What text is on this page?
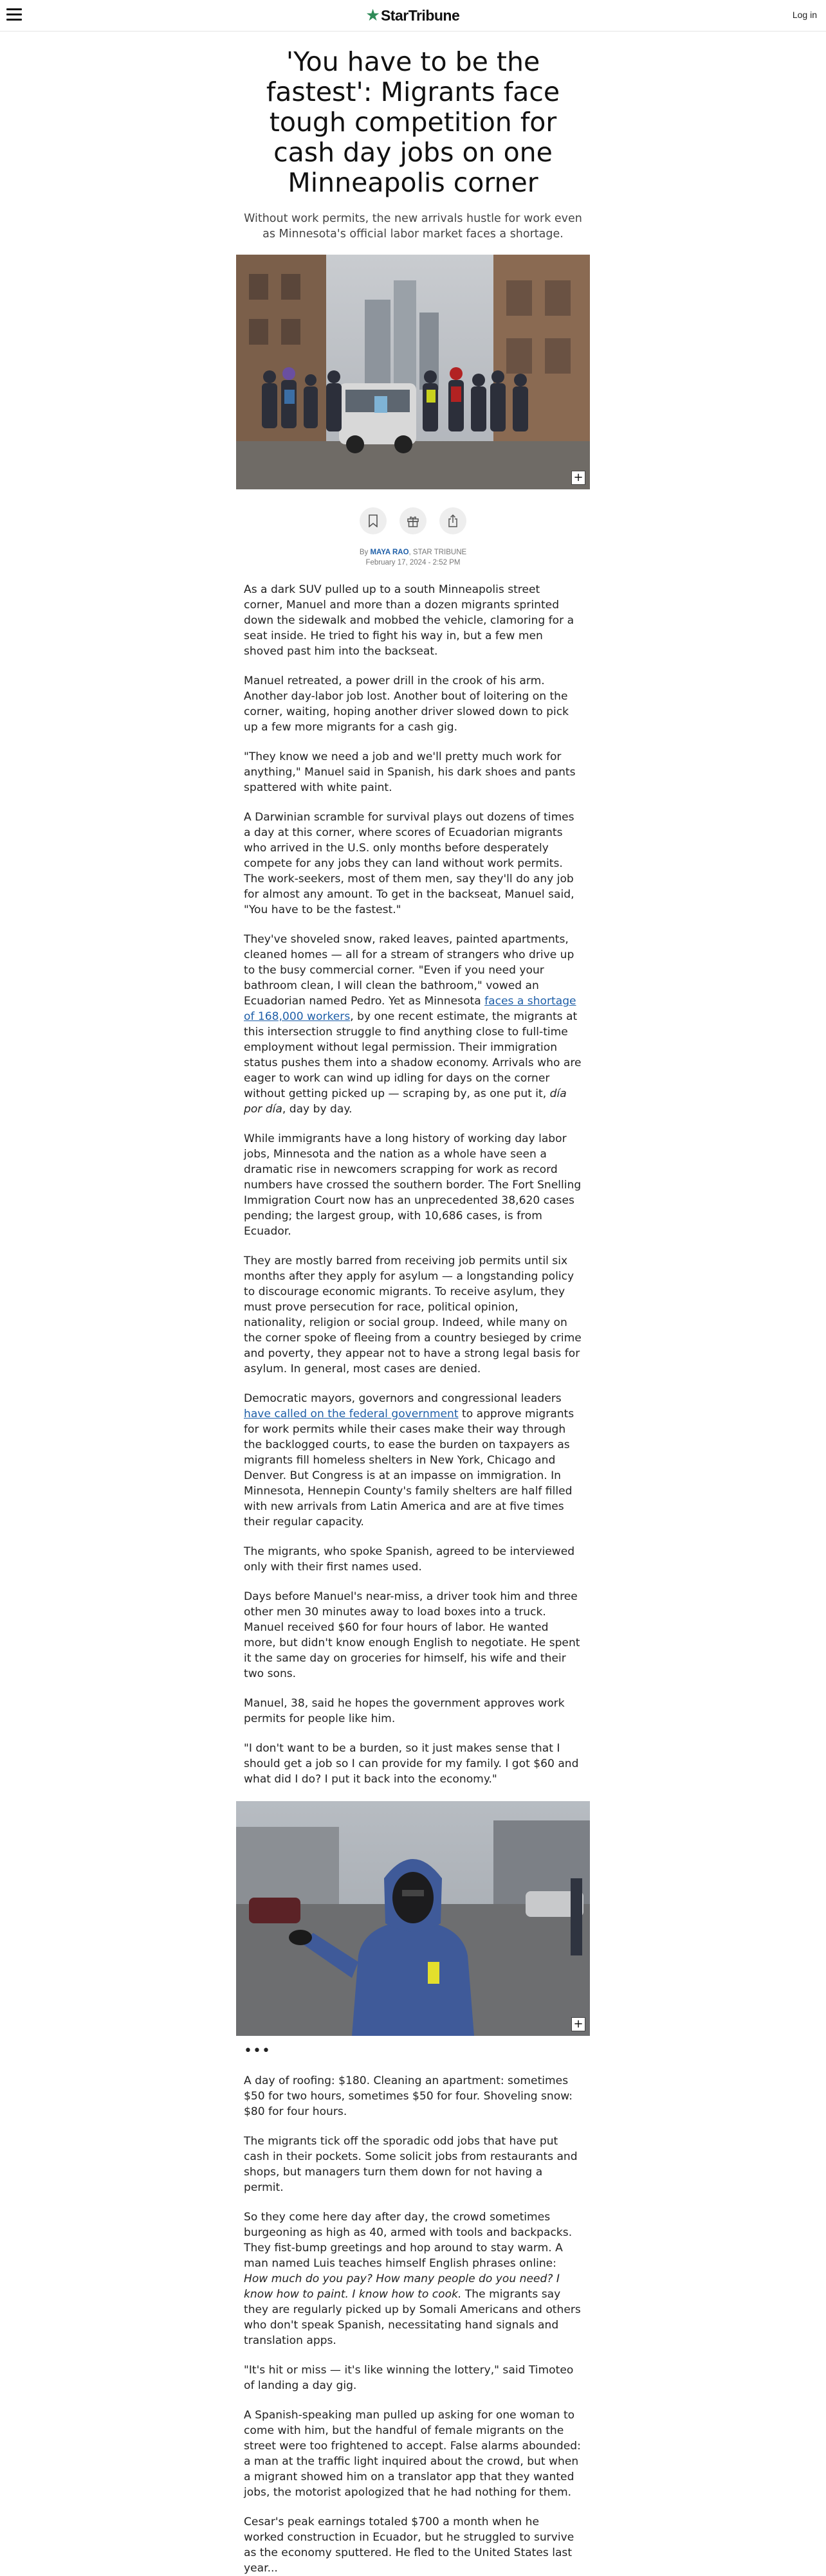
★ StarTribune	Log in
'You have to be the fastest': Migrants face tough competition for cash day jobs on one Minneapolis corner
Without work permits, the new arrivals hustle for work even as Minnesota's official labor market faces a shortage.
+
By MAYA RAO, STAR TRIBUNE
February 17, 2024 - 2:52 PM

As a dark SUV pulled up to a south Minneapolis street corner, Manuel and more than a dozen migrants sprinted down the sidewalk and mobbed the vehicle, clamoring for a seat inside. He tried to fight his way in, but a few men shoved past him into the backseat.

Manuel retreated, a power drill in the crook of his arm. Another day-labor job lost. Another bout of loitering on the corner, waiting, hoping another driver slowed down to pick up a few more migrants for a cash gig.

"They know we need a job and we'll pretty much work for anything," Manuel said in Spanish, his dark shoes and pants spattered with white paint.

A Darwinian scramble for survival plays out dozens of times a day at this corner, where scores of Ecuadorian migrants who arrived in the U.S. only months before desperately compete for any jobs they can land without work permits. The work-seekers, most of them men, say they'll do any job for almost any amount. To get in the backseat, Manuel said, "You have to be the fastest."

They've shoveled snow, raked leaves, painted apartments, cleaned homes — all for a stream of strangers who drive up to the busy commercial corner. "Even if you need your bathroom clean, I will clean the bathroom," vowed an Ecuadorian named Pedro. Yet as Minnesota faces a shortage of 168,000 workers, by one recent estimate, the migrants at this intersection struggle to find anything close to full-time employment without legal permission. Their immigration status pushes them into a shadow economy. Arrivals who are eager to work can wind up idling for days on the corner without getting picked up — scraping by, as one put it, día por día, day by day.

While immigrants have a long history of working day labor jobs, Minnesota and the nation as a whole have seen a dramatic rise in newcomers scrapping for work as record numbers have crossed the southern border. The Fort Snelling Immigration Court now has an unprecedented 38,620 cases pending; the largest group, with 10,686 cases, is from Ecuador.

They are mostly barred from receiving job permits until six months after they apply for asylum — a longstanding policy to discourage economic migrants. To receive asylum, they must prove persecution for race, political opinion, nationality, religion or social group. Indeed, while many on the corner spoke of fleeing from a country besieged by crime and poverty, they appear not to have a strong legal basis for asylum. In general, most cases are denied.

Democratic mayors, governors and congressional leaders have called on the federal government to approve migrants for work permits while their cases make their way through the backlogged courts, to ease the burden on taxpayers as migrants fill homeless shelters in New York, Chicago and Denver. But Congress is at an impasse on immigration. In Minnesota, Hennepin County's family shelters are half filled with new arrivals from Latin America and are at five times their regular capacity.

The migrants, who spoke Spanish, agreed to be interviewed only with their first names used.

Days before Manuel's near-miss, a driver took him and three other men 30 minutes away to load boxes into a truck. Manuel received $60 for four hours of labor. He wanted more, but didn't know enough English to negotiate. He spent it the same day on groceries for himself, his wife and their two sons.

Manuel, 38, said he hopes the government approves work permits for people like him.

"I don't want to be a burden, so it just makes sense that I should get a job so I can provide for my family. I got $60 and what did I do? I put it back into the economy."

+
•••

A day of roofing: $180. Cleaning an apartment: sometimes $50 for two hours, sometimes $50 for four. Shoveling snow: $80 for four hours.

The migrants tick off the sporadic odd jobs that have put cash in their pockets. Some solicit jobs from restaurants and shops, but managers turn them down for not having a permit.

So they come here day after day, the crowd sometimes burgeoning as high as 40, armed with tools and backpacks. They fist-bump greetings and hop around to stay warm. A man named Luis teaches himself English phrases online: How much do you pay? How many people do you need? I know how to paint. I know how to cook. The migrants say they are regularly picked up by Somali Americans and others who don't speak Spanish, necessitating hand signals and translation apps.

"It's hit or miss — it's like winning the lottery," said Timoteo of landing a day gig.

A Spanish-speaking man pulled up asking for one woman to come with him, but the handful of female migrants on the street were too frightened to accept. False alarms abounded: a man at the traffic light inquired about the crowd, but when a migrant showed him on a translator app that they wanted jobs, the motorist apologized that he had nothing for them.

Cesar's peak earnings totaled $700 a month when he worked construction in Ecuador, but he struggled to survive as the economy sputtered. He fled to the United States last year...
